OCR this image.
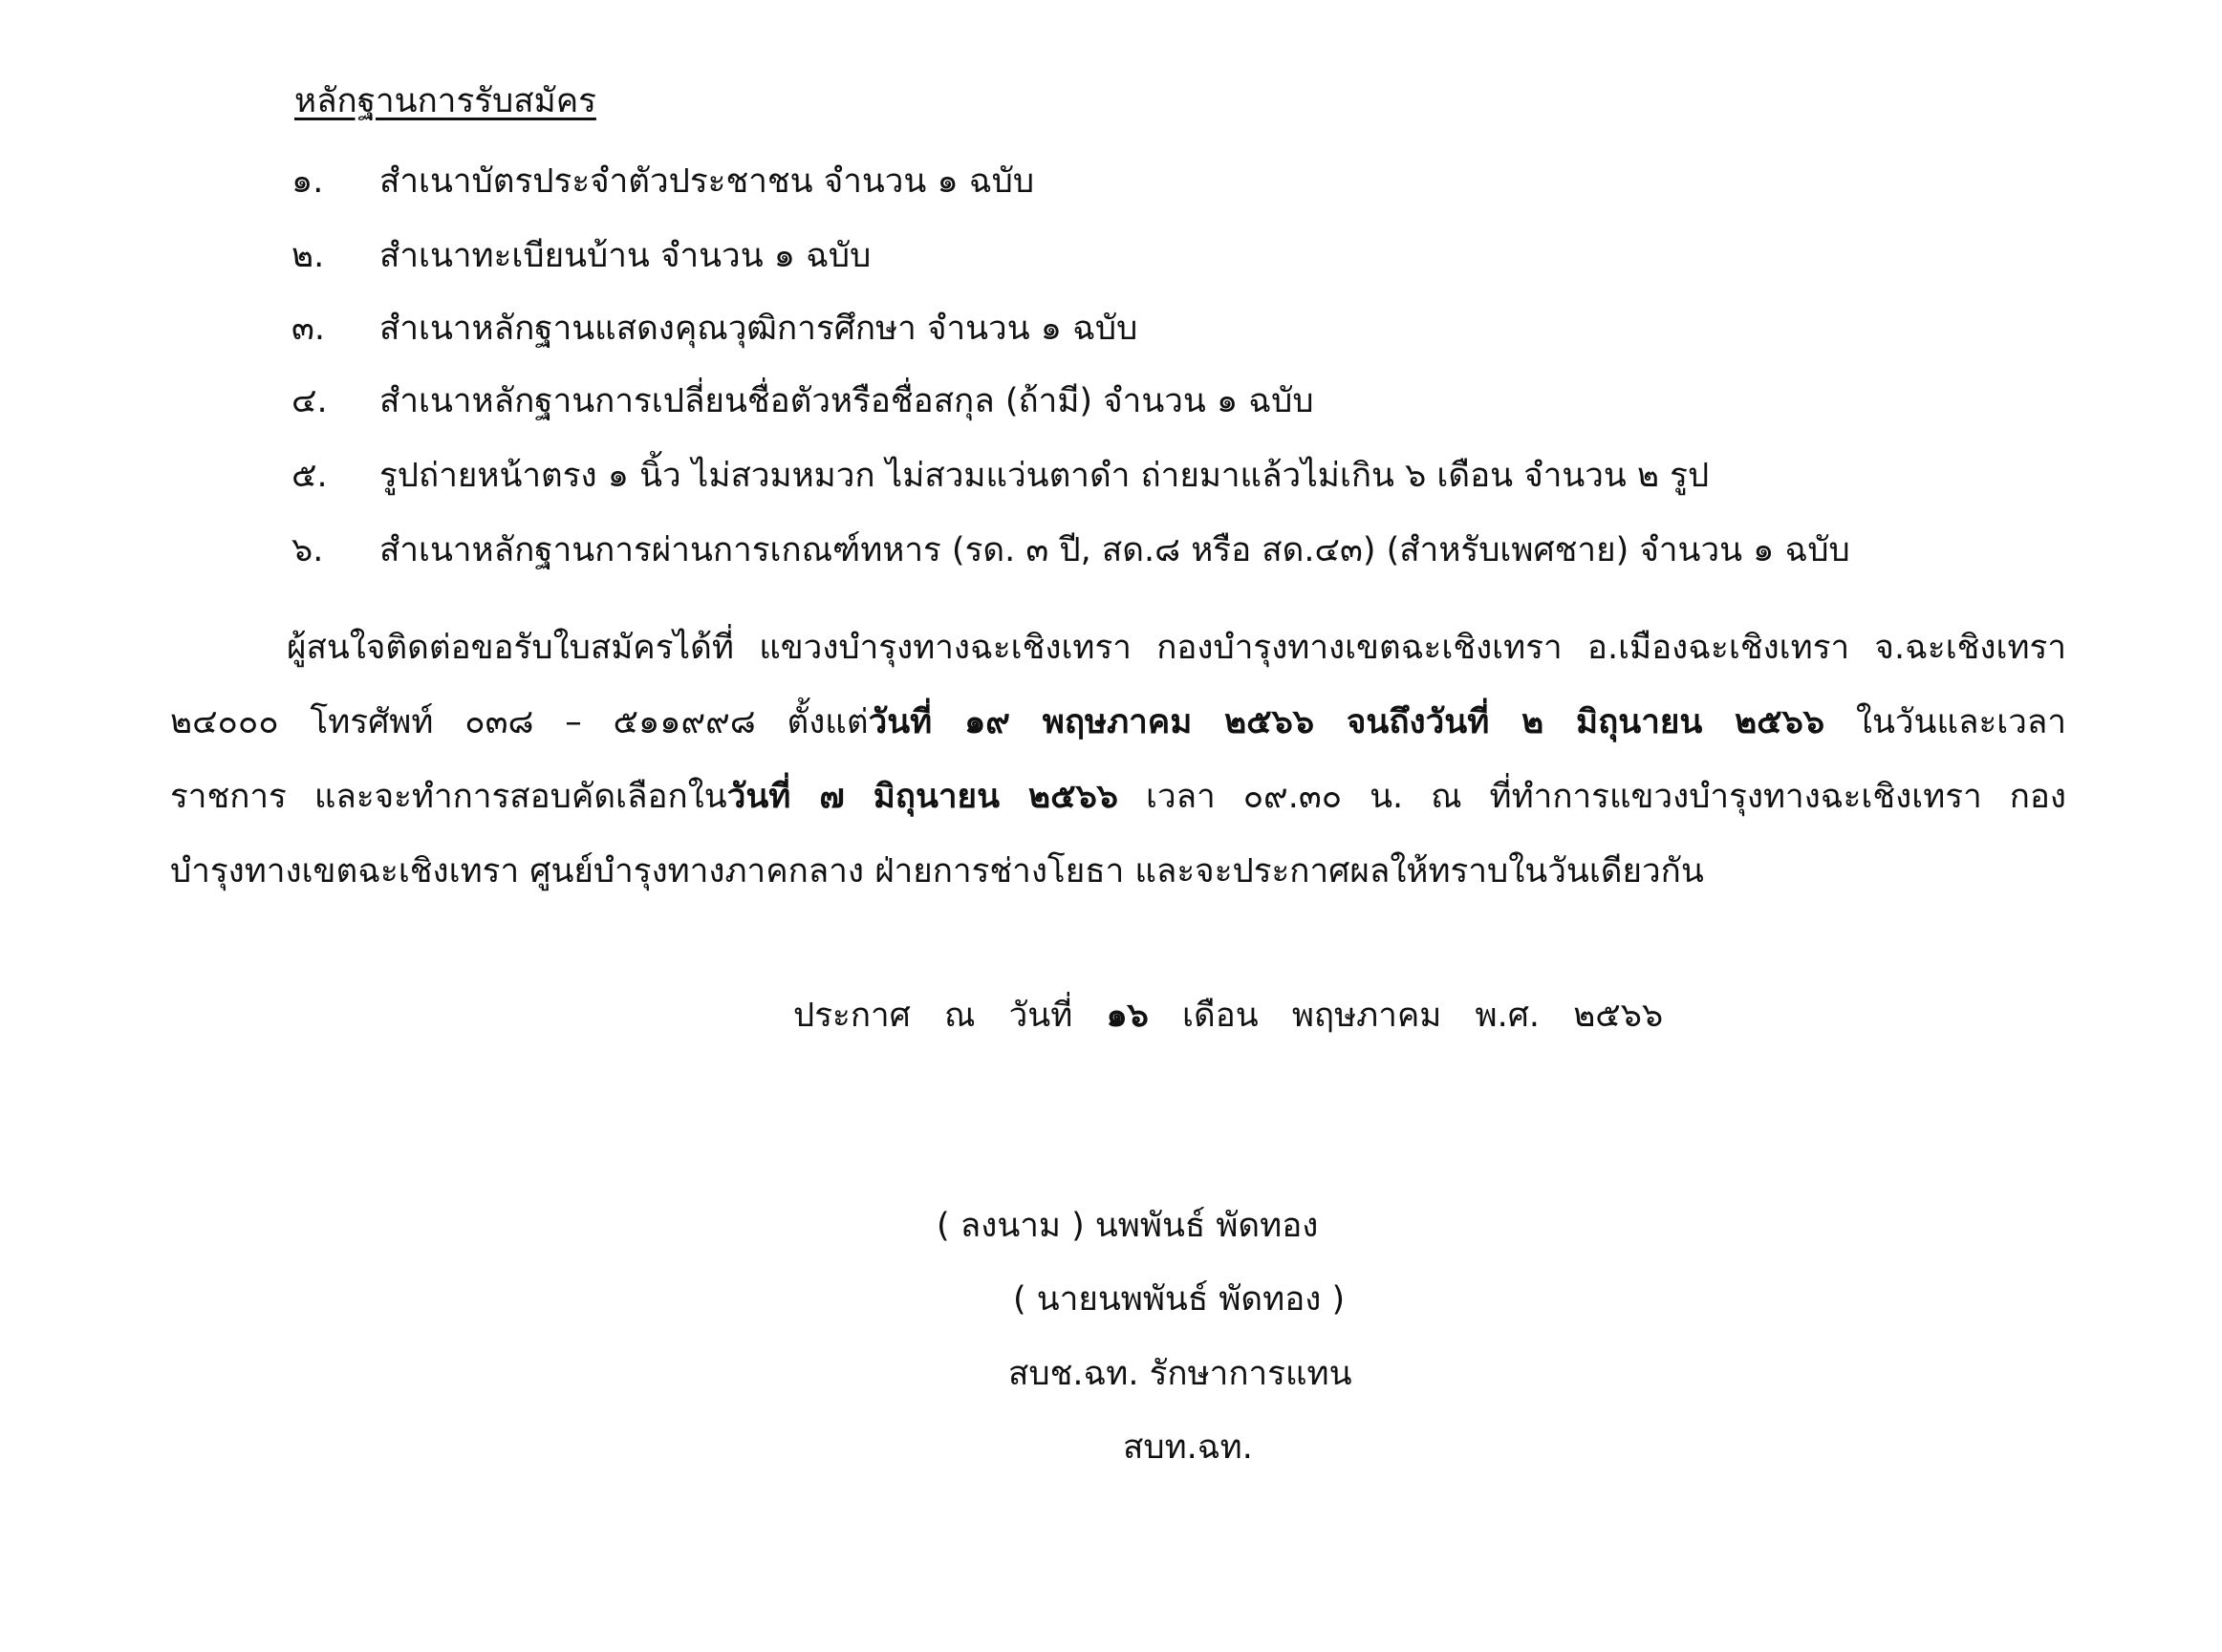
หลักฐานการรับสมัคร
๑.	สำเนาบัตรประจำตัวประชาชน จำนวน ๑ ฉบับ
๒.	สำเนาทะเบียนบ้าน จำนวน ๑ ฉบับ
๓.	สำเนาหลักฐานแสดงคุณวุฒิการศึกษา จำนวน ๑ ฉบับ
๔.	สำเนาหลักฐานการเปลี่ยนชื่อตัวหรือชื่อสกุล (ถ้ามี) จำนวน ๑ ฉบับ
๕.	รูปถ่ายหน้าตรง ๑ นิ้ว ไม่สวมหมวก ไม่สวมแว่นตาดำ ถ่ายมาแล้วไม่เกิน ๖ เดือน จำนวน ๒ รูป
๖.	สำเนาหลักฐานการผ่านการเกณฑ์ทหาร (รด. ๓ ปี, สด.๘ หรือ สด.๔๓) (สำหรับเพศชาย) จำนวน ๑ ฉบับ
ผู้สนใจติดต่อขอรับใบสมัครได้ที่ แขวงบำรุงทางฉะเชิงเทรา กองบำรุงทางเขตฉะเชิงเทรา อ.เมืองฉะเชิงเทรา จ.ฉะเชิงเทรา
๒๔๐๐๐ โทรศัพท์ ๐๓๘ – ๕๑๑๙๙๘ ตั้งแต่วันที่ ๑๙ พฤษภาคม ๒๕๖๖ จนถึงวันที่ ๒ มิถุนายน ๒๕๖๖ ในวันและเวลา
ราชการ และจะทำการสอบคัดเลือกในวันที่ ๗ มิถุนายน ๒๕๖๖ เวลา ๐๙.๓๐ น. ณ ที่ทำการแขวงบำรุงทางฉะเชิงเทรา กอง
บำรุงทางเขตฉะเชิงเทรา ศูนย์บำรุงทางภาคกลาง ฝ่ายการช่างโยธา และจะประกาศผลให้ทราบในวันเดียวกัน
ประกาศ ณ วันที่ ๑๖ เดือน พฤษภาคม พ.ศ. ๒๕๖๖
( ลงนาม ) นพพันธ์ พัดทอง
( นายนพพันธ์ พัดทอง )
สบช.ฉท. รักษาการแทน
สบท.ฉท.
